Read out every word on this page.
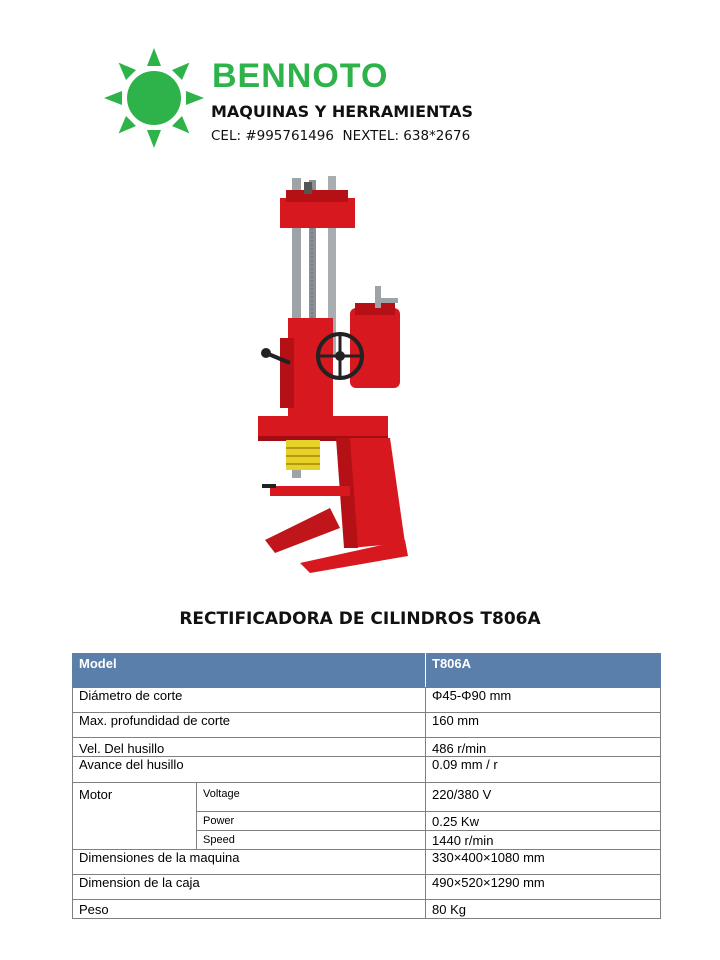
BENNOTO
MAQUINAS Y HERRAMIENTAS
CEL: #995761496  NEXTEL: 638*2676
RECTIFICADORA DE CILINDROS T806A
Model		T806A
Diámetro de corte		Φ45-Φ90 mm
Max. profundidad de corte		160 mm
Vel. Del husillo		486 r/min
Avance del husillo		0.09 mm / r
Motor	Voltage	220/380 V
	Power	0.25 Kw
	Speed	1440 r/min
Dimensiones de la maquina		330×400×1080 mm
Dimension de la caja		490×520×1290 mm
Peso		80 Kg
